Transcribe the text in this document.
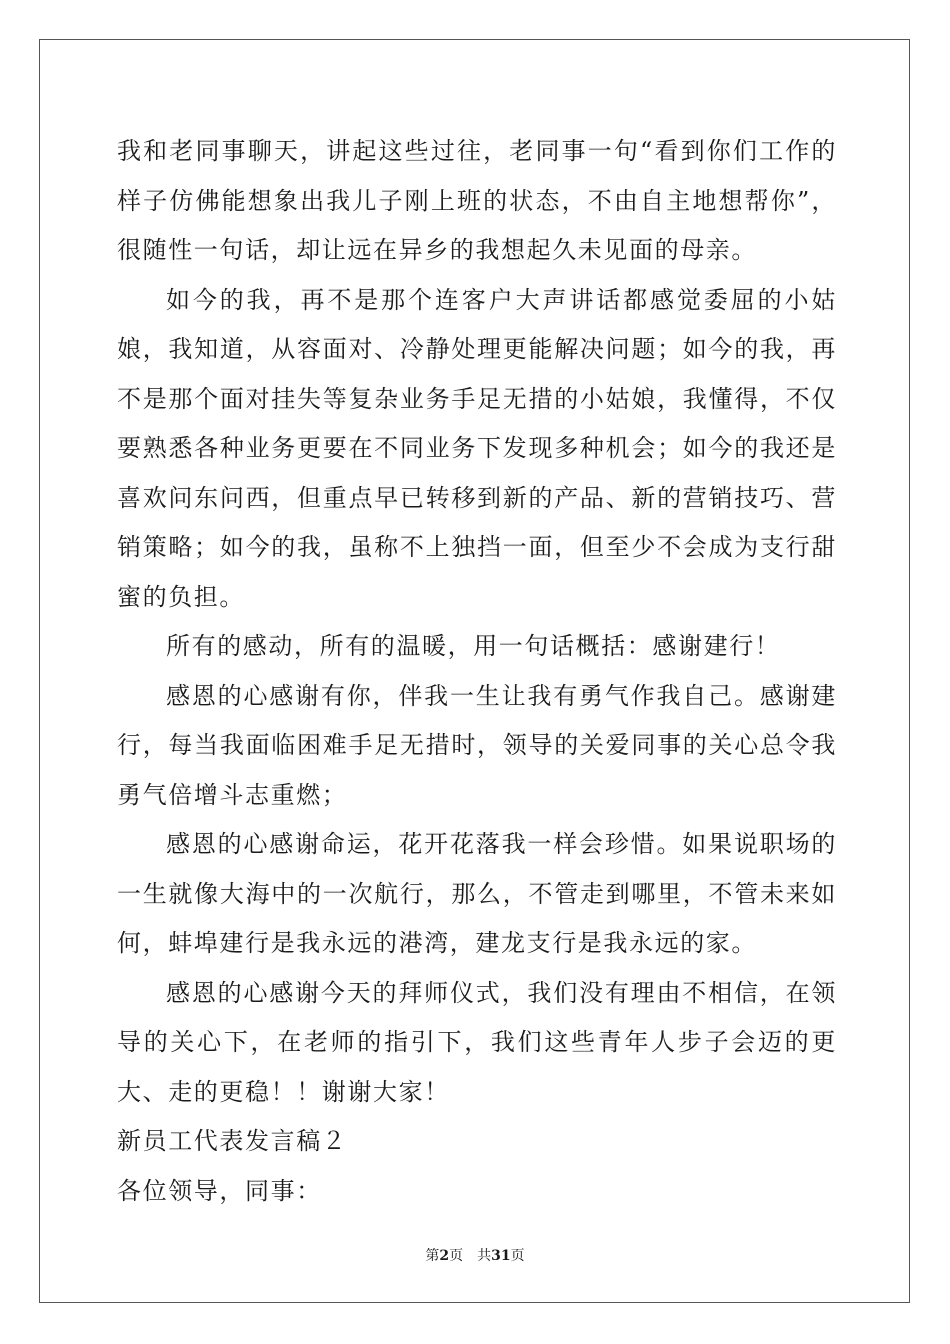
我和老同事聊天，讲起这些过往，老同事一句“看到你们工作的样子仿佛能想象出我儿子刚上班的状态，不由自主地想帮你”，很随性一句话，却让远在异乡的我想起久未见面的母亲。

如今的我，再不是那个连客户大声讲话都感觉委屈的小姑娘，我知道，从容面对、冷静处理更能解决问题；如今的我，再不是那个面对挂失等复杂业务手足无措的小姑娘，我懂得，不仅要熟悉各种业务更要在不同业务下发现多种机会；如今的我还是喜欢问东问西，但重点早已转移到新的产品、新的营销技巧、营销策略；如今的我，虽称不上独挡一面，但至少不会成为支行甜蜜的负担。

所有的感动，所有的温暖，用一句话概括：感谢建行！

感恩的心感谢有你，伴我一生让我有勇气作我自己。感谢建行，每当我面临困难手足无措时，领导的关爱同事的关心总令我勇气倍增斗志重燃；

感恩的心感谢命运，花开花落我一样会珍惜。如果说职场的一生就像大海中的一次航行，那么，不管走到哪里，不管未来如何，蚌埠建行是我永远的港湾，建龙支行是我永远的家。

感恩的心感谢今天的拜师仪式，我们没有理由不相信，在领导的关心下，在老师的指引下，我们这些青年人步子会迈的更大、走的更稳！！谢谢大家！

新员工代表发言稿２

各位领导，同事：

第2页 共31页
